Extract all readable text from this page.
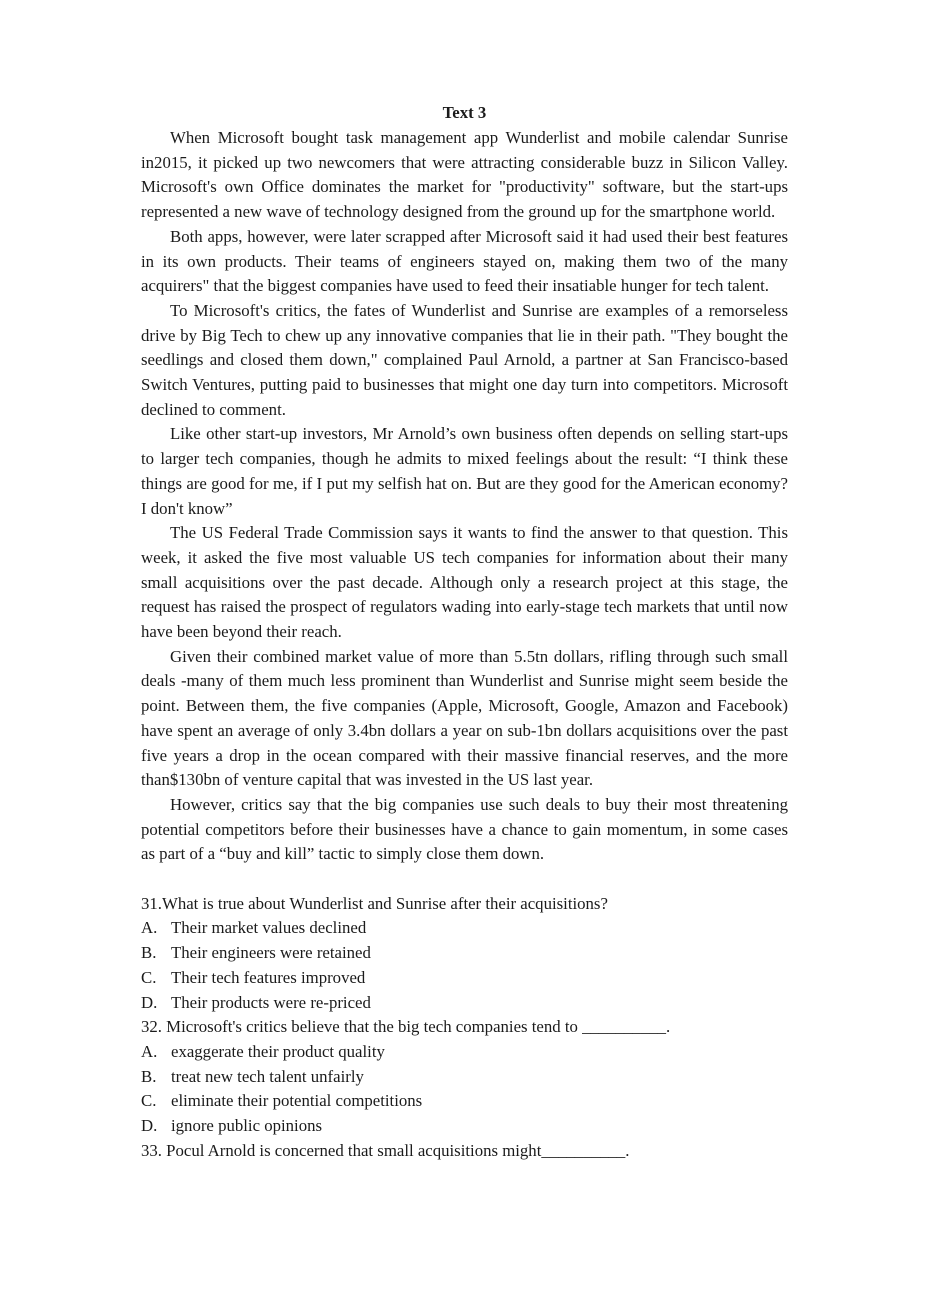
Text 3

When Microsoft bought task management app Wunderlist and mobile calendar Sunrise in2015, it picked up two newcomers that were attracting considerable buzz in Silicon Valley. Microsoft's own Office dominates the market for "productivity" software, but the start-ups represented a new wave of technology designed from the ground up for the smartphone world.

Both apps, however, were later scrapped after Microsoft said it had used their best features in its own products. Their teams of engineers stayed on, making them two of the many acquirers" that the biggest companies have used to feed their insatiable hunger for tech talent.

To Microsoft's critics, the fates of Wunderlist and Sunrise are examples of a remorseless drive by Big Tech to chew up any innovative companies that lie in their path. "They bought the seedlings and closed them down," complained Paul Arnold, a partner at San Francisco-based Switch Ventures, putting paid to businesses that might one day turn into competitors. Microsoft declined to comment.

Like other start-up investors, Mr Arnold’s own business often depends on selling start-ups to larger tech companies, though he admits to mixed feelings about the result: “I think these things are good for me, if I put my selfish hat on. But are they good for the American economy? I don't know”

The US Federal Trade Commission says it wants to find the answer to that question. This week, it asked the five most valuable US tech companies for information about their many small acquisitions over the past decade. Although only a research project at this stage, the request has raised the prospect of regulators wading into early-stage tech markets that until now have been beyond their reach.

Given their combined market value of more than 5.5tn dollars, rifling through such small deals -many of them much less prominent than Wunderlist and Sunrise might seem beside the point. Between them, the five companies (Apple, Microsoft, Google, Amazon and Facebook) have spent an average of only 3.4bn dollars a year on sub-1bn dollars acquisitions over the past five years a drop in the ocean compared with their massive financial reserves, and the more than$130bn of venture capital that was invested in the US last year.

However, critics say that the big companies use such deals to buy their most threatening potential competitors before their businesses have a chance to gain momentum, in some cases as part of a “buy and kill” tactic to simply close them down.

31.What is true about Wunderlist and Sunrise after their acquisitions?

A. Their market values declined

B. Their engineers were retained

C. Their tech features improved

D. Their products were re-priced

32. Microsoft's critics believe that the big tech companies tend to __________.

A. exaggerate their product quality

B. treat new tech talent unfairly

C. eliminate their potential competitions

D. ignore public opinions

33. Pocul Arnold is concerned that small acquisitions might__________.
